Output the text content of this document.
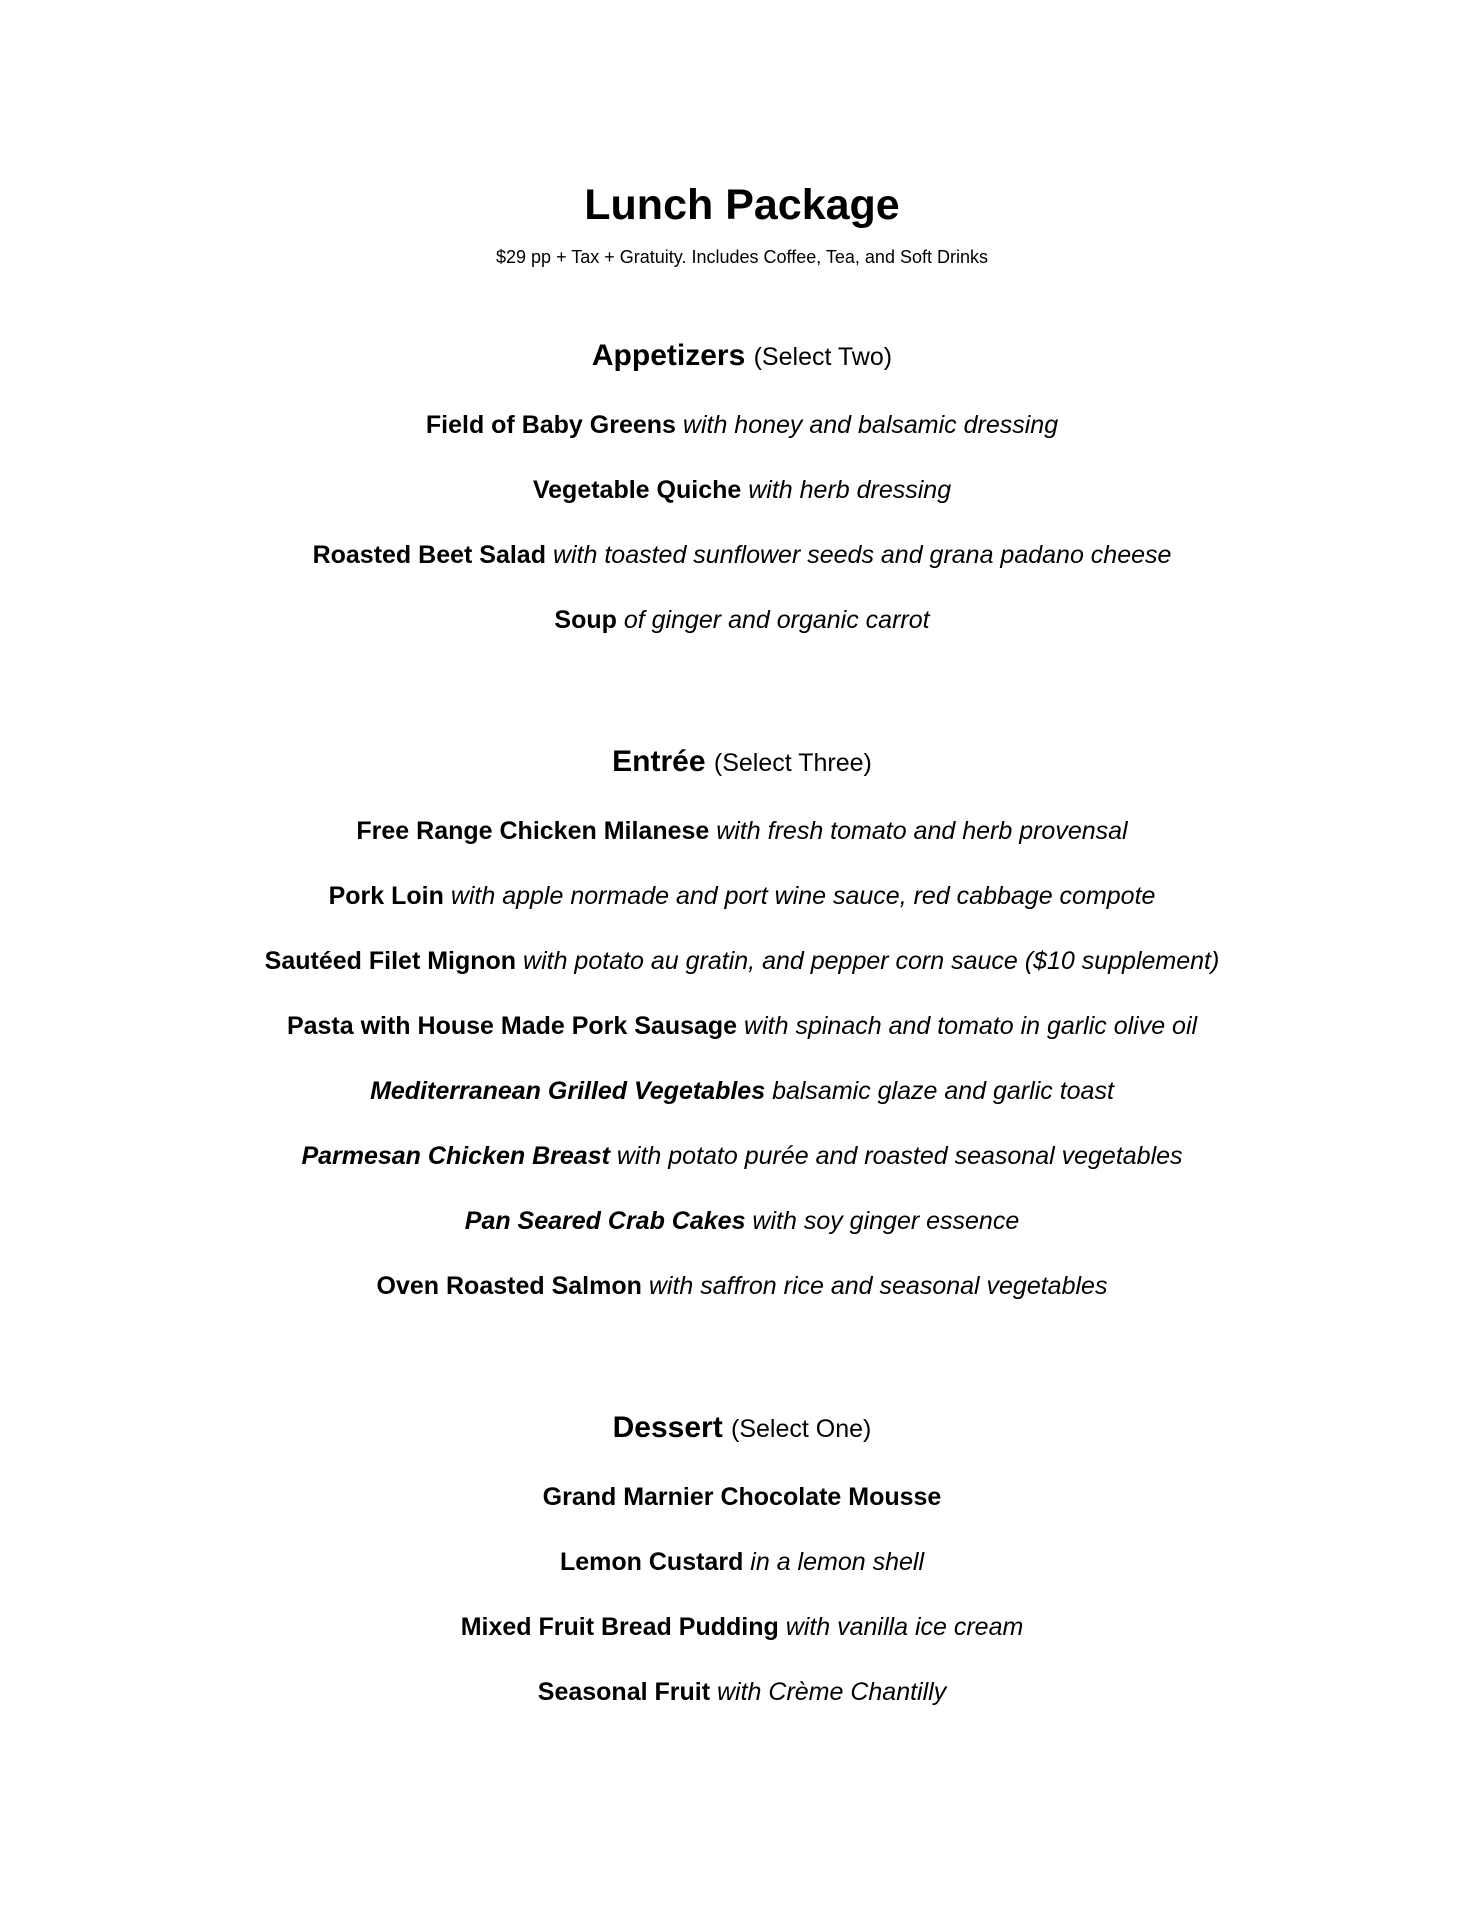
Lunch Package
$29 pp + Tax + Gratuity. Includes Coffee, Tea, and Soft Drinks
Appetizers (Select Two)
Field of Baby Greens with honey and balsamic dressing
Vegetable Quiche with herb dressing
Roasted Beet Salad with toasted sunflower seeds and grana padano cheese
Soup of ginger and organic carrot
Entrée (Select Three)
Free Range Chicken Milanese with fresh tomato and herb provensal
Pork Loin with apple normade and port wine sauce, red cabbage compote
Sautéed Filet Mignon with potato au gratin, and pepper corn sauce ($10 supplement)
Pasta with House Made Pork Sausage with spinach and tomato in garlic olive oil
Mediterranean Grilled Vegetables balsamic glaze and garlic toast
Parmesan Chicken Breast with potato purée and roasted seasonal vegetables
Pan Seared Crab Cakes with soy ginger essence
Oven Roasted Salmon with saffron rice and seasonal vegetables
Dessert (Select One)
Grand Marnier Chocolate Mousse
Lemon Custard in a lemon shell
Mixed Fruit Bread Pudding with vanilla ice cream
Seasonal Fruit with Crème Chantilly
